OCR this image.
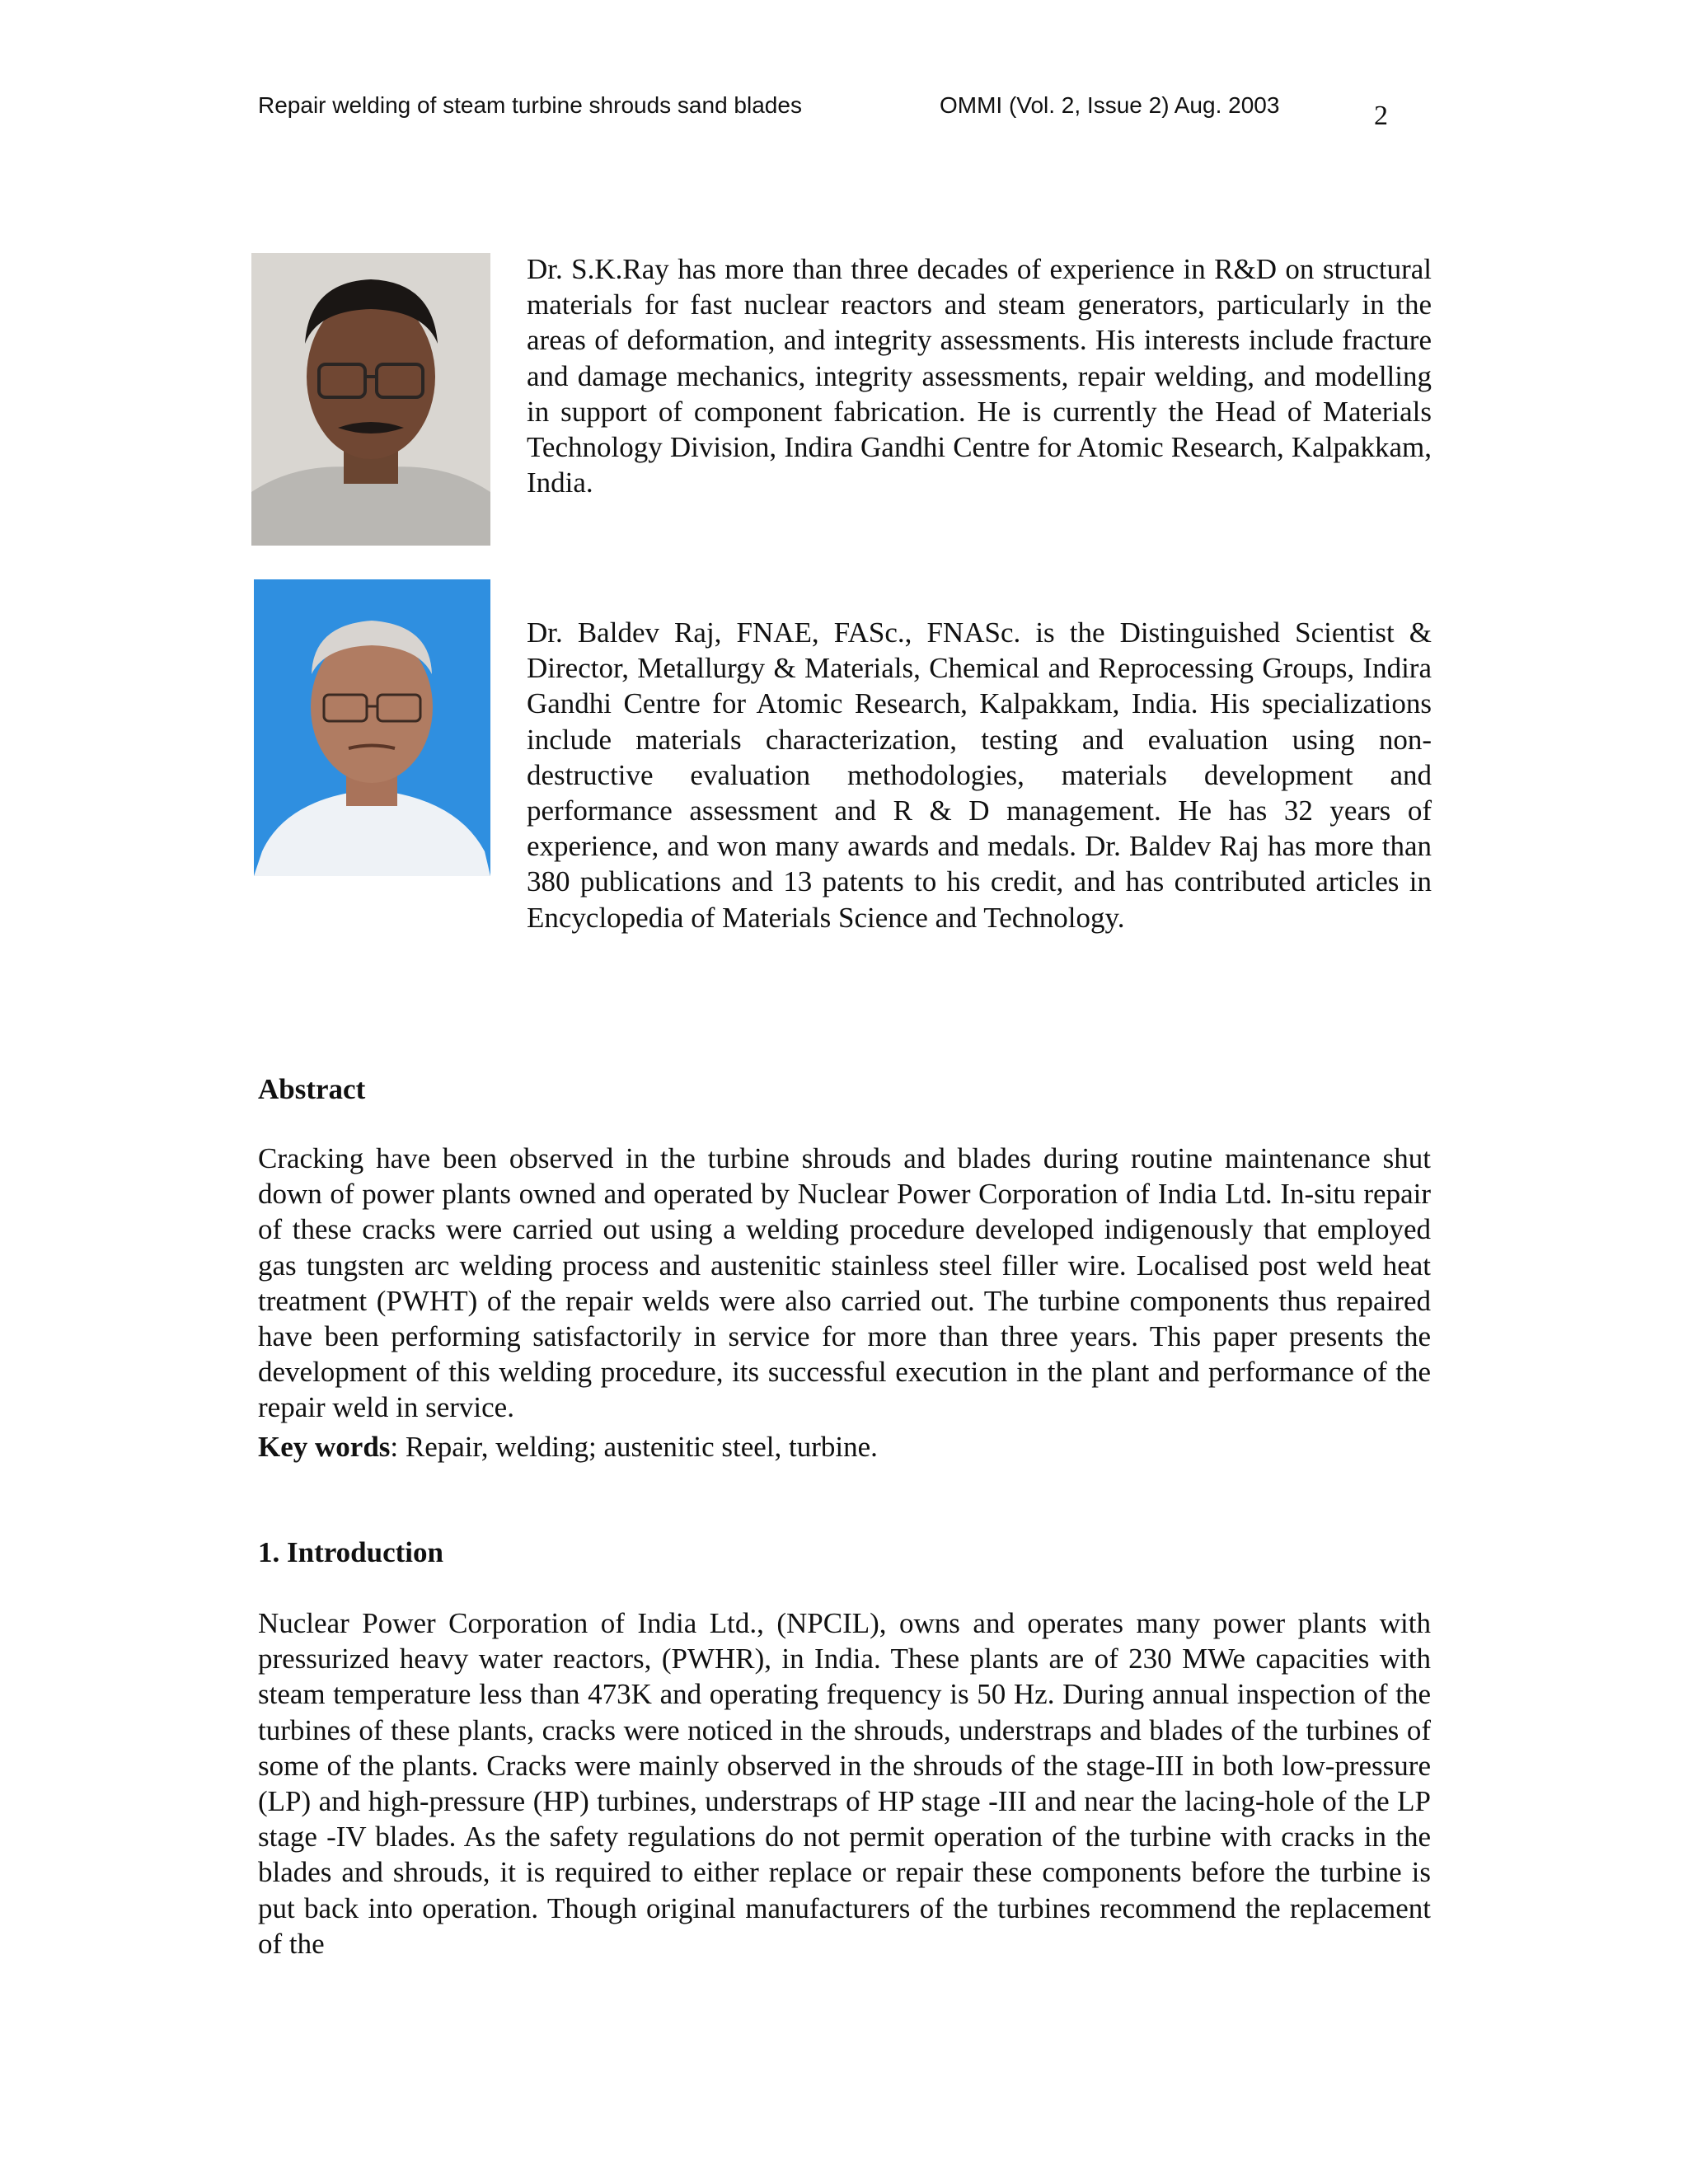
Repair welding of steam turbine shrouds sand blades	OMMI (Vol. 2, Issue 2) Aug. 2003	2
Dr. S.K.Ray has more than three decades of experience in R&D on structural materials for fast nuclear reactors and steam generators, particularly in the areas of deformation, and integrity assessments. His interests include fracture and damage mechanics, integrity assessments, repair welding, and modelling in support of component fabrication. He is currently the Head of Materials Technology Division, Indira Gandhi Centre for Atomic Research, Kalpakkam, India.
Dr. Baldev Raj, FNAE, FASc., FNASc. is the Distinguished Scientist & Director, Metallurgy & Materials, Chemical and Reprocessing Groups, Indira Gandhi Centre for Atomic Research, Kalpakkam, India. His specializations include materials characterization, testing and evaluation using non-destructive evaluation methodologies, materials development and performance assessment and R & D management. He has 32 years of experience, and won many awards and medals. Dr. Baldev Raj has more than 380 publications and 13 patents to his credit, and has contributed articles in Encyclopedia of Materials Science and Technology.
Abstract
Cracking have been observed in the turbine shrouds and blades during routine maintenance shut down of power plants owned and operated by Nuclear Power Corporation of India Ltd. In-situ repair of these cracks were carried out using a welding procedure developed indigenously that employed gas tungsten arc welding process and austenitic stainless steel filler wire. Localised post weld heat treatment (PWHT) of the repair welds were also carried out. The turbine components thus repaired have been performing satisfactorily in service for more than three years. This paper presents the development of this welding procedure, its successful execution in the plant and performance of the repair weld in service.
Key words: Repair, welding; austenitic steel, turbine.
1. Introduction
Nuclear Power Corporation of India Ltd., (NPCIL), owns and operates many power plants with pressurized heavy water reactors, (PWHR), in India. These plants are of 230 MWe capacities with steam temperature less than 473K and operating frequency is 50 Hz. During annual inspection of the turbines of these plants, cracks were noticed in the shrouds, understraps and blades of the turbines of some of the plants. Cracks were mainly observed in the shrouds of the stage-III in both low-pressure (LP) and high-pressure (HP) turbines, understraps of HP stage -III and near the lacing-hole of the LP stage -IV blades. As the safety regulations do not permit operation of the turbine with cracks in the blades and shrouds, it is required to either replace or repair these components before the turbine is put back into operation. Though original manufacturers of the turbines recommend the replacement of the
